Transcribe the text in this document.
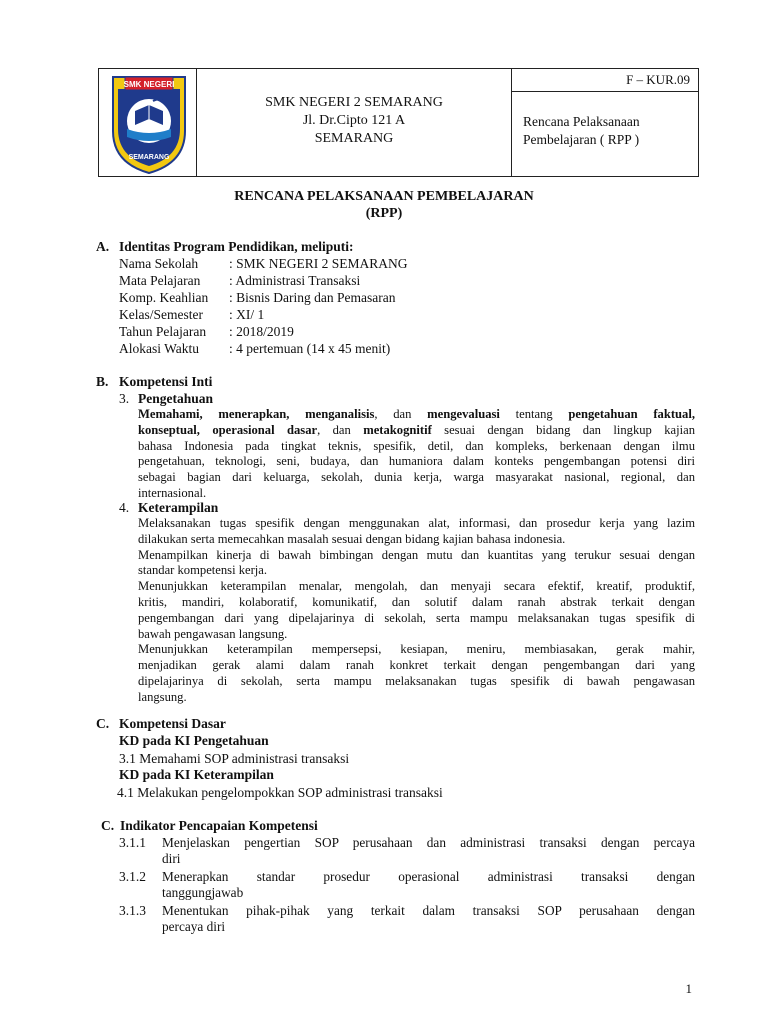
SMK NEGERI
SEMARANG
SMK NEGERI 2 SEMARANG
Jl. Dr.Cipto 121 A
SEMARANG
F – KUR.09
Rencana Pelaksanaan
Pembelajaran ( RPP )
RENCANA PELAKSANAAN PEMBELAJARAN
(RPP)
A. Identitas Program Pendidikan, meliputi:
Nama Sekolah : SMK NEGERI 2 SEMARANG
Mata Pelajaran : Administrasi Transaksi
Komp. Keahlian : Bisnis Daring dan Pemasaran
Kelas/Semester : XI/ 1
Tahun Pelajaran : 2018/2019
Alokasi Waktu : 4 pertemuan (14 x 45 menit)
B. Kompetensi Inti
3. Pengetahuan
Memahami, menerapkan, menganalisis, dan mengevaluasi tentang pengetahuan faktual,
konseptual, operasional dasar, dan metakognitif sesuai dengan bidang dan lingkup kajian
bahasa Indonesia pada tingkat teknis, spesifik, detil, dan kompleks, berkenaan dengan ilmu
pengetahuan, teknologi, seni, budaya, dan humaniora dalam konteks pengembangan potensi diri
sebagai bagian dari keluarga, sekolah, dunia kerja, warga masyarakat nasional, regional, dan
internasional.
4. Keterampilan
Melaksanakan tugas spesifik dengan menggunakan alat, informasi, dan prosedur kerja yang lazim
dilakukan serta memecahkan masalah sesuai dengan bidang kajian bahasa indonesia.
Menampilkan kinerja di bawah bimbingan dengan mutu dan kuantitas yang terukur sesuai dengan
standar kompetensi kerja.
Menunjukkan keterampilan menalar, mengolah, dan menyaji secara efektif, kreatif, produktif,
kritis, mandiri, kolaboratif, komunikatif, dan solutif dalam ranah abstrak terkait dengan
pengembangan dari yang dipelajarinya di sekolah, serta mampu melaksanakan tugas spesifik di
bawah pengawasan langsung.
Menunjukkan keterampilan mempersepsi, kesiapan, meniru, membiasakan, gerak mahir,
menjadikan gerak alami dalam ranah konkret terkait dengan pengembangan dari yang
dipelajarinya di sekolah, serta mampu melaksanakan tugas spesifik di bawah pengawasan
langsung.
C. Kompetensi Dasar
KD pada KI Pengetahuan
3.1 Memahami SOP administrasi transaksi
KD pada KI Keterampilan
4.1 Melakukan pengelompokkan SOP administrasi transaksi
C. Indikator Pencapaian Kompetensi
3.1.1 Menjelaskan pengertian SOP perusahaan dan administrasi transaksi dengan percaya
diri
3.1.2 Menerapkan standar prosedur operasional administrasi transaksi dengan
tanggungjawab
3.1.3 Menentukan pihak-pihak yang terkait dalam transaksi SOP perusahaan dengan
percaya diri
1
